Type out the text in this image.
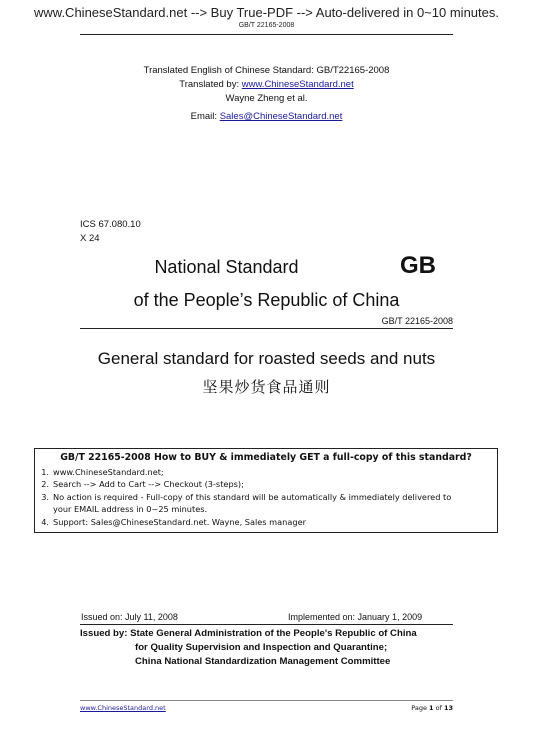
www.ChineseStandard.net --> Buy True-PDF --> Auto-delivered in 0~10 minutes.
GB/T 22165-2008
Translated English of Chinese Standard: GB/T22165-2008
Translated by: www.ChineseStandard.net
Wayne Zheng et al.
Email: Sales@ChineseStandard.net
ICS 67.080.10
X 24
National Standard	GB
of the People’s Republic of China
GB/T 22165-2008
General standard for roasted seeds and nuts
坚果炒货食品通则
GB/T 22165-2008 How to BUY & immediately GET a full-copy of this standard?
1. www.ChineseStandard.net;
2. Search --> Add to Cart --> Checkout (3-steps);
3. No action is required - Full-copy of this standard will be automatically & immediately delivered to
your EMAIL address in 0~25 minutes.
4. Support: Sales@ChineseStandard.net. Wayne, Sales manager
Issued on: July 11, 2008	Implemented on: January 1, 2009
Issued by: State General Administration of the People's Republic of China
for Quality Supervision and Inspection and Quarantine;
China National Standardization Management Committee
www.ChineseStandard.net	Page 1 of 13
